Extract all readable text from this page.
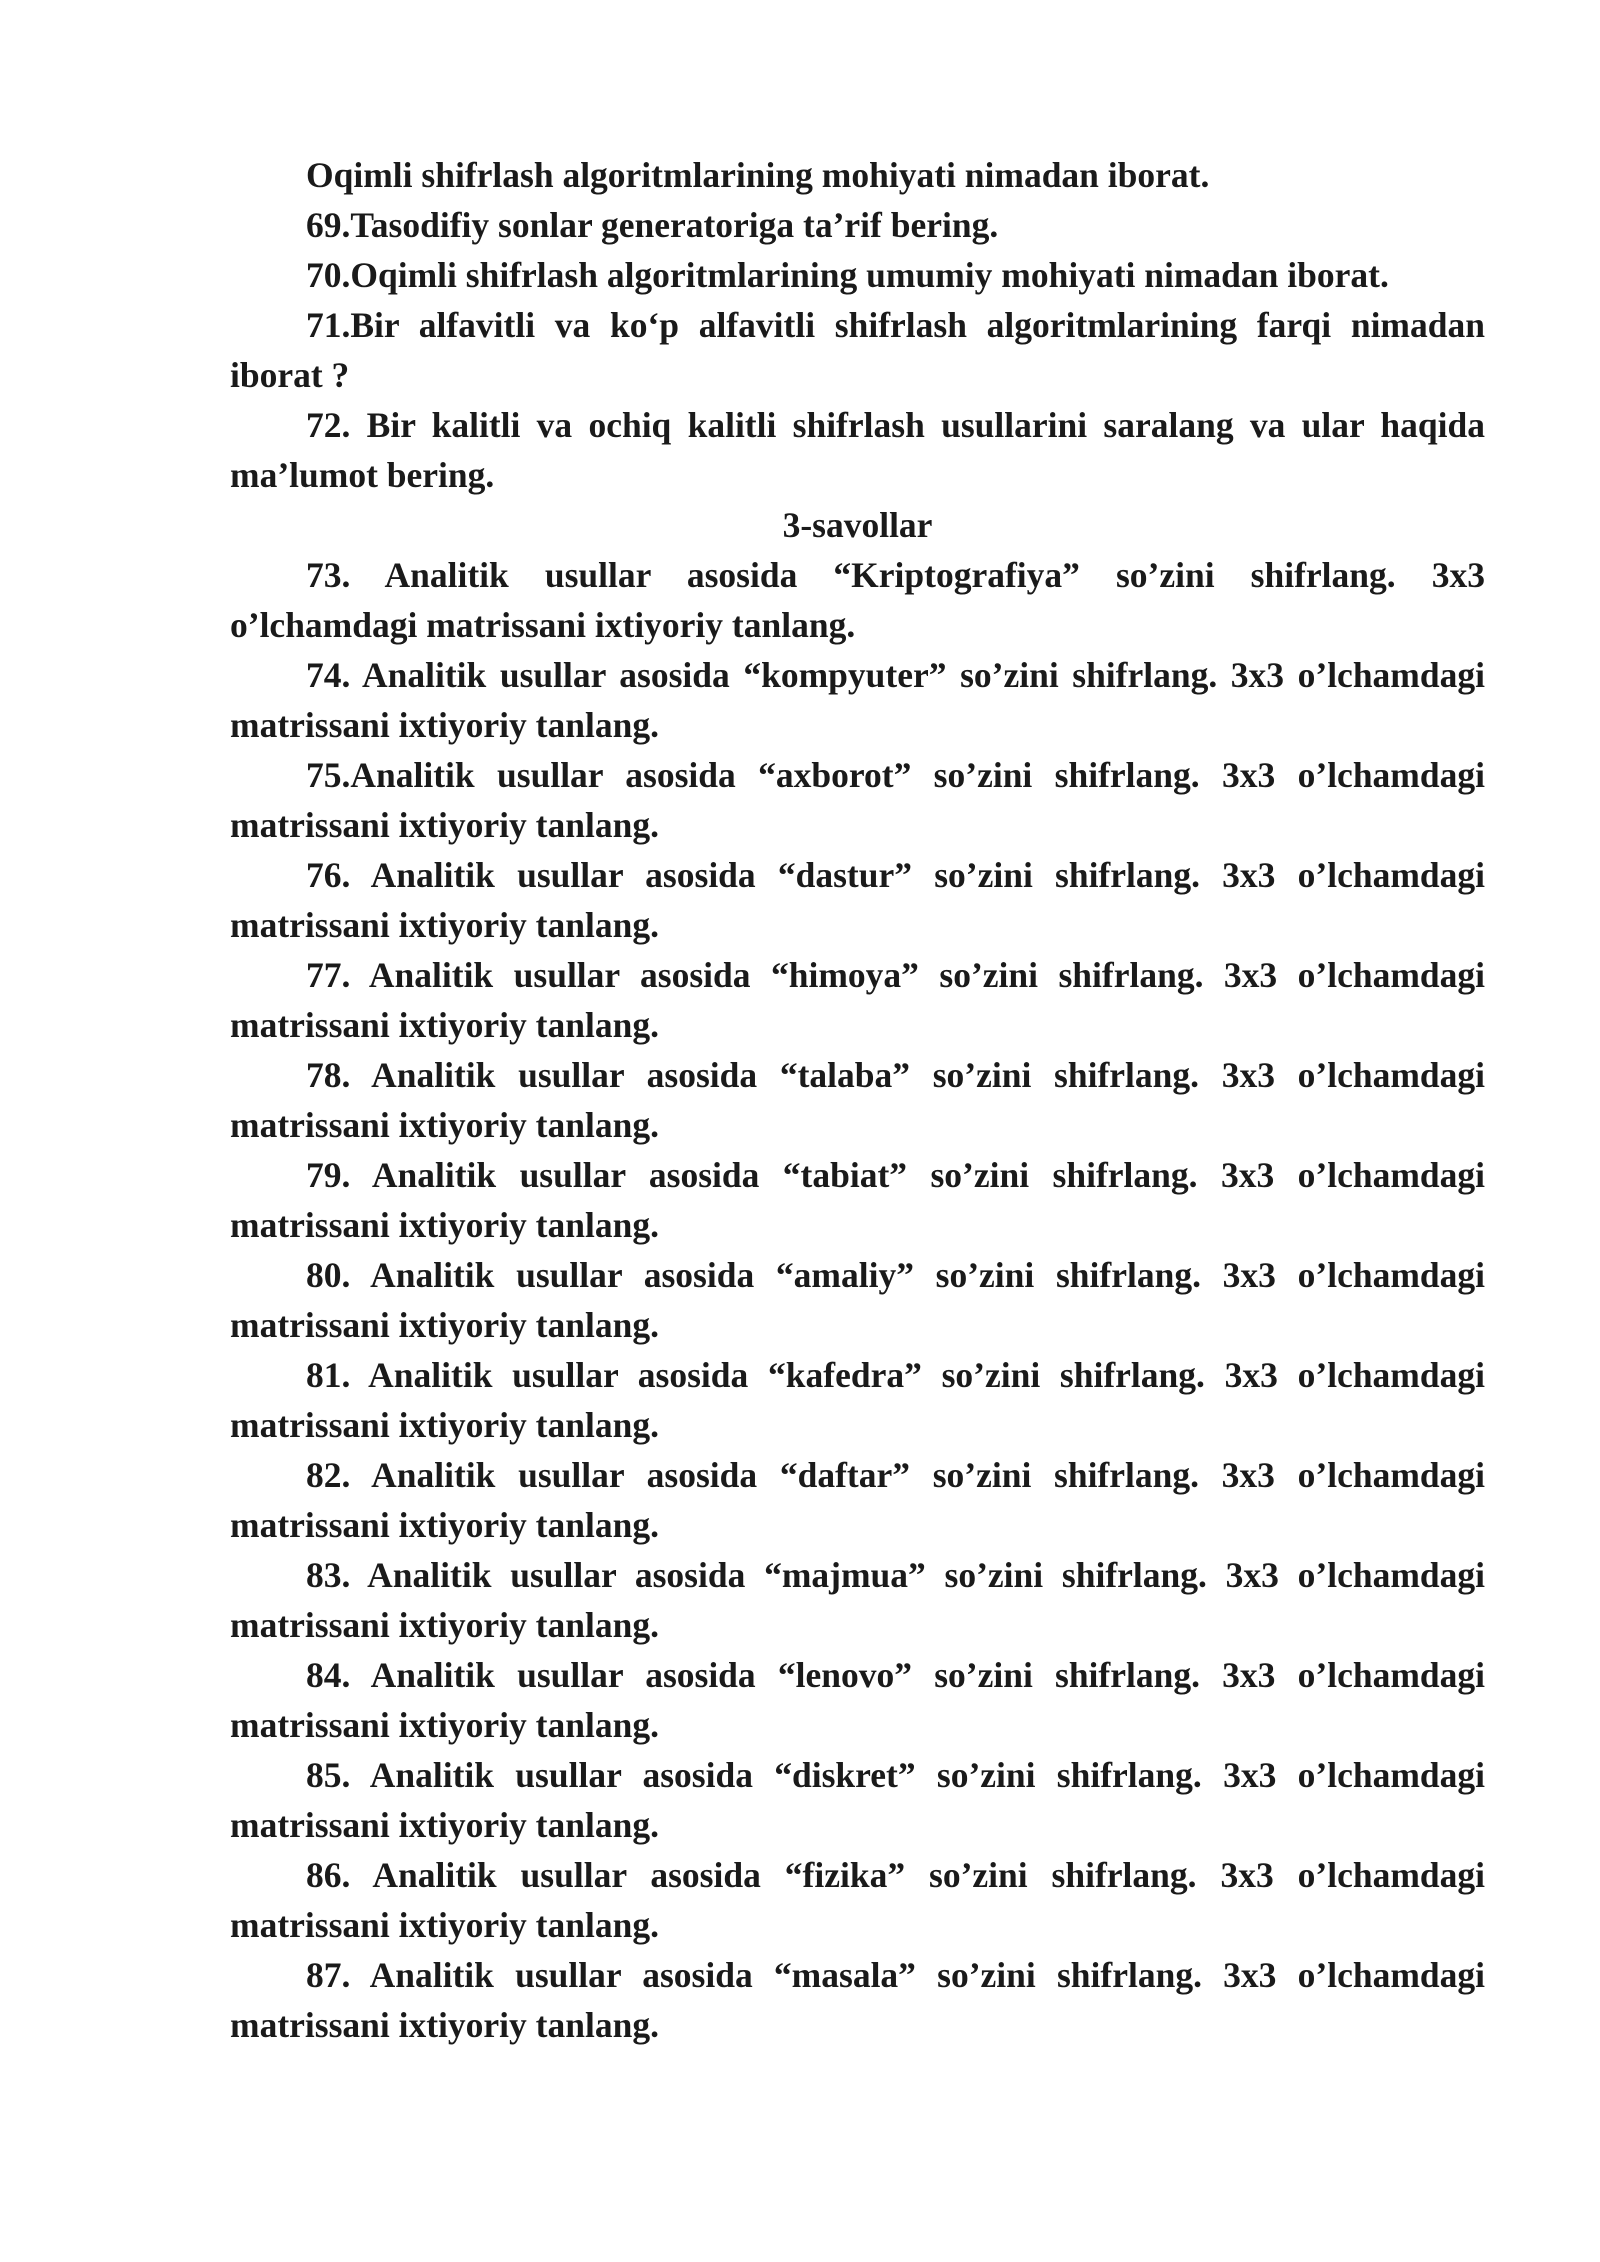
Oqimli shifrlash algoritmlarining mohiyati nimadan iborat.

69.Tasodifiy sonlar generatoriga ta’rif bering.

70.Oqimli shifrlash algoritmlarining umumiy mohiyati nimadan iborat.

71.Bir alfavitli va ko‘p alfavitli shifrlash algoritmlarining farqi nimadan iborat ?

72. Bir kalitli va ochiq kalitli shifrlash usullarini saralang va ular haqida ma’lumot bering.

3-savollar

73. Analitik usullar asosida “Kriptografiya” so’zini shifrlang. 3x3 o’lchamdagi matrissani ixtiyoriy tanlang.

74. Analitik usullar asosida “kompyuter” so’zini shifrlang. 3x3 o’lchamdagi matrissani ixtiyoriy tanlang.

75.Analitik usullar asosida “axborot” so’zini shifrlang. 3x3 o’lchamdagi matrissani ixtiyoriy tanlang.

76. Analitik usullar asosida “dastur” so’zini shifrlang. 3x3 o’lchamdagi matrissani ixtiyoriy tanlang.

77. Analitik usullar asosida “himoya” so’zini shifrlang. 3x3 o’lchamdagi matrissani ixtiyoriy tanlang.

78. Analitik usullar asosida “talaba” so’zini shifrlang. 3x3 o’lchamdagi matrissani ixtiyoriy tanlang.

79. Analitik usullar asosida “tabiat” so’zini shifrlang. 3x3 o’lchamdagi matrissani ixtiyoriy tanlang.

80. Analitik usullar asosida “amaliy” so’zini shifrlang. 3x3 o’lchamdagi matrissani ixtiyoriy tanlang.

81. Analitik usullar asosida “kafedra” so’zini shifrlang. 3x3 o’lchamdagi matrissani ixtiyoriy tanlang.

82. Analitik usullar asosida “daftar” so’zini shifrlang. 3x3 o’lchamdagi matrissani ixtiyoriy tanlang.

83. Analitik usullar asosida “majmua” so’zini shifrlang. 3x3 o’lchamdagi matrissani ixtiyoriy tanlang.

84. Analitik usullar asosida “lenovo” so’zini shifrlang. 3x3 o’lchamdagi matrissani ixtiyoriy tanlang.

85. Analitik usullar asosida “diskret” so’zini shifrlang. 3x3 o’lchamdagi matrissani ixtiyoriy tanlang.

86. Analitik usullar asosida “fizika” so’zini shifrlang. 3x3 o’lchamdagi matrissani ixtiyoriy tanlang.

87. Analitik usullar asosida “masala” so’zini shifrlang. 3x3 o’lchamdagi matrissani ixtiyoriy tanlang.
